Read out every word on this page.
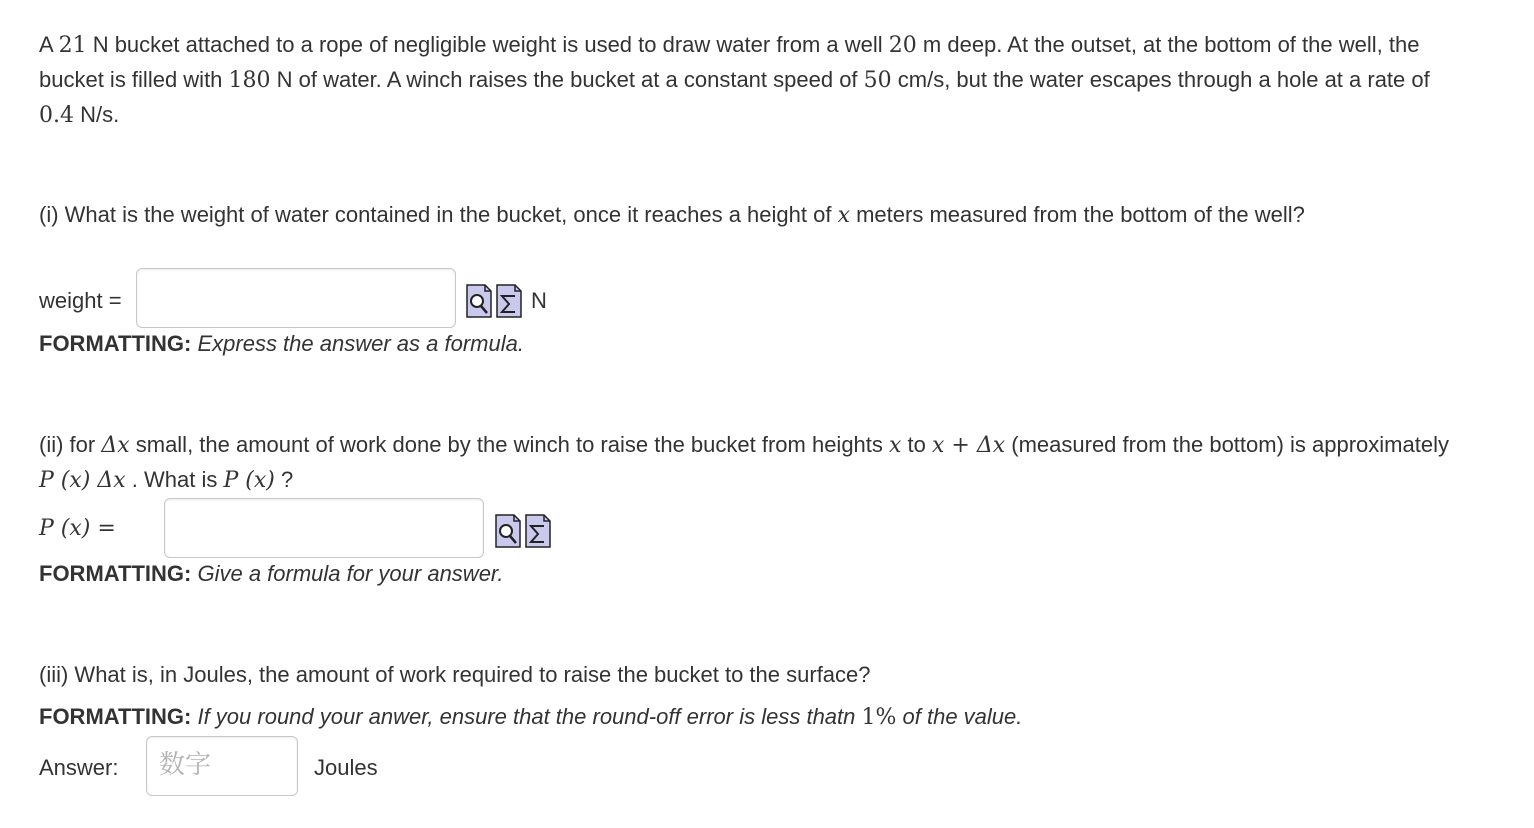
A 21 N bucket attached to a rope of negligible weight is used to draw water from a well 20 m deep. At the outset, at the bottom of the well, the bucket is filled with 180 N of water. A winch raises the bucket at a constant speed of 50 cm/s, but the water escapes through a hole at a rate of 0.4 N/s.

(i) What is the weight of water contained in the bucket, once it reaches a height of x meters measured from the bottom of the well?

weight =	N
FORMATTING: Express the answer as a formula.

(ii) for Δx small, the amount of work done by the winch to raise the bucket from heights x to x + Δx (measured from the bottom) is approximately P (x) Δx . What is P (x) ?

P (x) =
FORMATTING: Give a formula for your answer.

(iii) What is, in Joules, the amount of work required to raise the bucket to the surface?

FORMATTING: If you round your anwer, ensure that the round-off error is less thatn 1% of the value.
Answer:
数字	Joules
